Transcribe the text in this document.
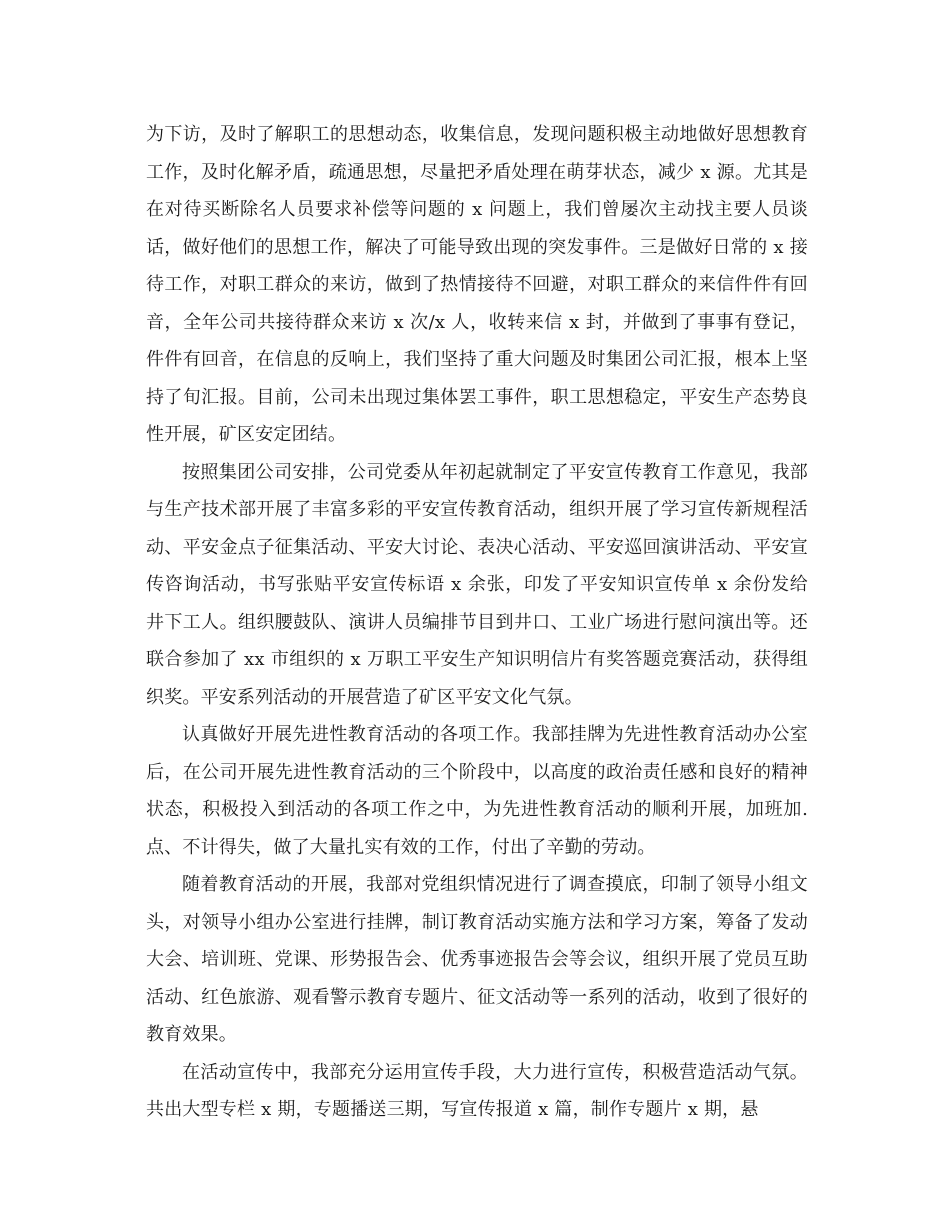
为下访，及时了解职工的思想动态，收集信息，发现问题积极主动地做好思想教育工作，及时化解矛盾，疏通思想，尽量把矛盾处理在萌芽状态，减少 x 源。尤其是在对待买断除名人员要求补偿等问题的 x 问题上，我们曾屡次主动找主要人员谈话，做好他们的思想工作，解决了可能导致出现的突发事件。三是做好日常的 x 接待工作，对职工群众的来访，做到了热情接待不回避，对职工群众的来信件件有回音，全年公司共接待群众来访 x 次/x 人，收转来信 x 封，并做到了事事有登记，件件有回音，在信息的反响上，我们坚持了重大问题及时集团公司汇报，根本上坚持了旬汇报。目前，公司未出现过集体罢工事件，职工思想稳定，平安生产态势良性开展，矿区安定团结。

按照集团公司安排，公司党委从年初起就制定了平安宣传教育工作意见，我部与生产技术部开展了丰富多彩的平安宣传教育活动，组织开展了学习宣传新规程活动、平安金点子征集活动、平安大讨论、表决心活动、平安巡回演讲活动、平安宣传咨询活动，书写张贴平安宣传标语 x 余张，印发了平安知识宣传单 x 余份发给井下工人。组织腰鼓队、演讲人员编排节目到井口、工业广场进行慰问演出等。还联合参加了 xx 市组织的 x 万职工平安生产知识明信片有奖答题竞赛活动，获得组织奖。平安系列活动的开展营造了矿区平安文化气氛。

认真做好开展先进性教育活动的各项工作。我部挂牌为先进性教育活动办公室后，在公司开展先进性教育活动的三个阶段中，以高度的政治责任感和良好的精神状态，积极投入到活动的各项工作之中，为先进性教育活动的顺利开展，加班加.点、不计得失，做了大量扎实有效的工作，付出了辛勤的劳动。

随着教育活动的开展，我部对党组织情况进行了调查摸底，印制了领导小组文头，对领导小组办公室进行挂牌，制订教育活动实施方法和学习方案，筹备了发动大会、培训班、党课、形势报告会、优秀事迹报告会等会议，组织开展了党员互助活动、红色旅游、观看警示教育专题片、征文活动等一系列的活动，收到了很好的教育效果。

在活动宣传中，我部充分运用宣传手段，大力进行宣传，积极营造活动气氛。共出大型专栏 x 期，专题播送三期，写宣传报道 x 篇，制作专题片 x 期，悬
